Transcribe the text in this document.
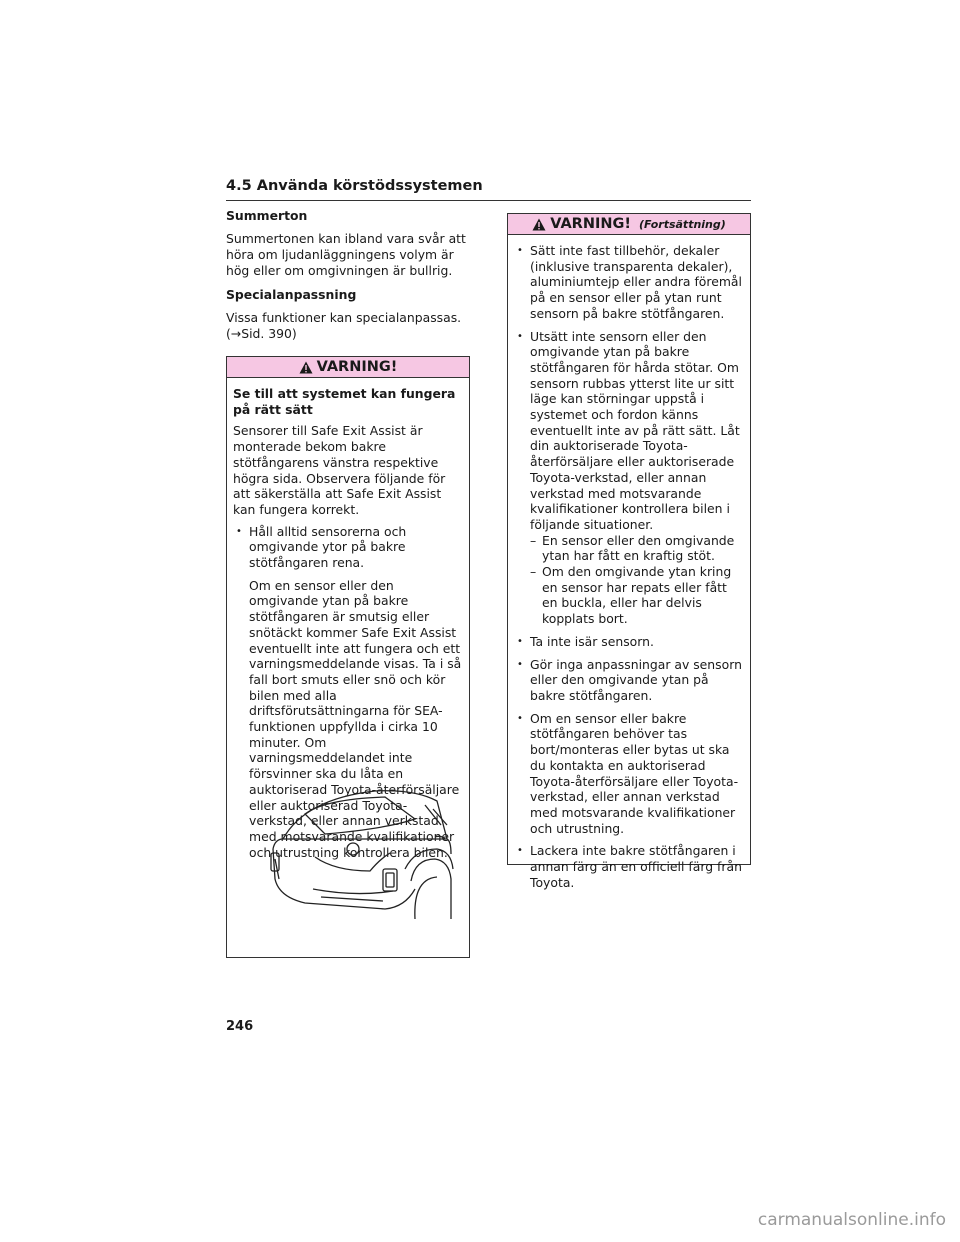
4.5 Använda körstödssystemen
Summerton

Summertonen kan ibland vara svår att höra om ljudanläggningens volym är hög eller om omgivningen är bullrig.

Specialanpassning

Vissa funktioner kan specialanpassas. (→Sid. 390)

VARNING!

Se till att systemet kan fungera på rätt sätt

Sensorer till Safe Exit Assist är monterade bekom bakre stötfångarens vänstra respektive högra sida. Observera följande för att säkerställa att Safe Exit Assist kan fungera korrekt.

• Håll alltid sensorerna och omgivande ytor på bakre stötfångaren rena.

Om en sensor eller den omgivande ytan på bakre stötfångaren är smutsig eller snötäckt kommer Safe Exit Assist eventuellt inte att fungera och ett varningsmeddelande visas. Ta i så fall bort smuts eller snö och kör bilen med alla driftsförutsättningarna för SEA-funktionen uppfyllda i cirka 10 minuter. Om varningsmeddelandet inte försvinner ska du låta en auktoriserad Toyota-återförsäljare eller auktoriserad Toyota-verkstad, eller annan verkstad med motsvarande kvalifikationer och utrustning kontrollera bilen.

VARNING! (Fortsättning)
• Sätt inte fast tillbehör, dekaler (inklusive transparenta dekaler), aluminiumtejp eller andra föremål på en sensor eller på ytan runt sensorn på bakre stötfångaren.
• Utsätt inte sensorn eller den omgivande ytan på bakre stötfångaren för hårda stötar. Om sensorn rubbas ytterst lite ur sitt läge kan störningar uppstå i systemet och fordon känns eventuellt inte av på rätt sätt. Låt din auktoriserade Toyota-återförsäljare eller auktoriserade Toyota-verkstad, eller annan verkstad med motsvarande kvalifikationer kontrollera bilen i följande situationer.
– En sensor eller den omgivande ytan har fått en kraftig stöt.
– Om den omgivande ytan kring en sensor har repats eller fått en buckla, eller har delvis kopplats bort.
• Ta inte isär sensorn.
• Gör inga anpassningar av sensorn eller den omgivande ytan på bakre stötfångaren.
• Om en sensor eller bakre stötfångaren behöver tas bort/monteras eller bytas ut ska du kontakta en auktoriserad Toyota-återförsäljare eller Toyota-verkstad, eller annan verkstad med motsvarande kvalifikationer och utrustning.
• Lackera inte bakre stötfångaren i annan färg än en officiell färg från Toyota.
246
carmanualsonline.info
